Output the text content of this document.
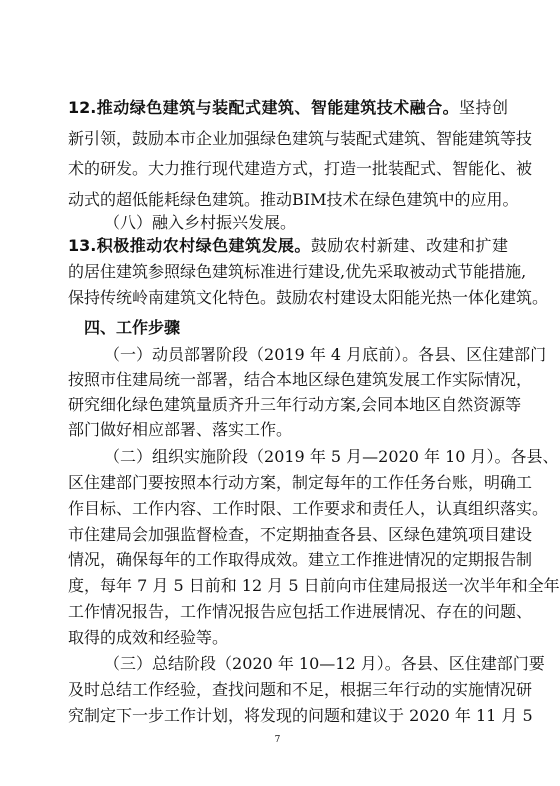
12.推动绿色建筑与装配式建筑、智能建筑技术融合。坚持创
新引领，鼓励本市企业加强绿色建筑与装配式建筑、智能建筑等技
术的研发。大力推行现代建造方式，打造一批装配式、智能化、被
动式的超低能耗绿色建筑。推动BIM技术在绿色建筑中的应用。
（八）融入乡村振兴发展。
13.积极推动农村绿色建筑发展。鼓励农村新建、改建和扩建
的居住建筑参照绿色建筑标准进行建设,优先采取被动式节能措施,
保持传统岭南建筑文化特色。鼓励农村建设太阳能光热一体化建筑。
四、工作步骤
（一）动员部署阶段（2019 年 4 月底前）。各县、区住建部门
按照市住建局统一部署，结合本地区绿色建筑发展工作实际情况，
研究细化绿色建筑量质齐升三年行动方案,会同本地区自然资源等
部门做好相应部署、落实工作。
（二）组织实施阶段（2019 年 5 月—2020 年 10 月）。各县、
区住建部门要按照本行动方案，制定每年的工作任务台账，明确工
作目标、工作内容、工作时限、工作要求和责任人，认真组织落实。
市住建局会加强监督检查，不定期抽查各县、区绿色建筑项目建设
情况，确保每年的工作取得成效。建立工作推进情况的定期报告制
度，每年 7 月 5 日前和 12 月 5 日前向市住建局报送一次半年和全年
工作情况报告，工作情况报告应包括工作进展情况、存在的问题、
取得的成效和经验等。
（三）总结阶段（2020 年 10—12 月）。各县、区住建部门要
及时总结工作经验，查找问题和不足，根据三年行动的实施情况研
究制定下一步工作计划，将发现的问题和建议于 2020 年 11 月 5
7
